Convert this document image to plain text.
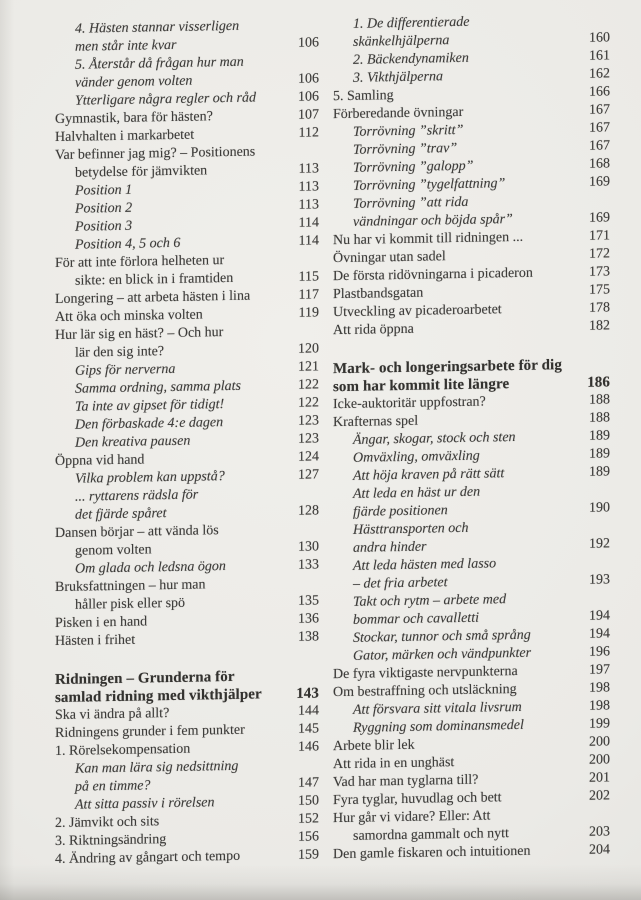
4. Hästen stannar visserligen
men står inte kvar	106
5. Återstår då frågan hur man
vänder genom volten	106
Ytterligare några regler och råd	106
Gymnastik, bara för hästen?	107
Halvhalten i markarbetet	112
Var befinner jag mig? – Positionens
betydelse för jämvikten	113
Position 1	113
Position 2	113
Position 3	114
Position 4, 5 och 6	114
För att inte förlora helheten ur
sikte: en blick in i framtiden	115
Longering – att arbeta hästen i lina	117
Att öka och minska volten	119
Hur lär sig en häst? – Och hur
lär den sig inte?	120
Gips för nerverna	121
Samma ordning, samma plats	122
Ta inte av gipset för tidigt!	122
Den förbaskade 4:e dagen	123
Den kreativa pausen	123
Öppna vid hand	124
Vilka problem kan uppstå?	127
... ryttarens rädsla för
det fjärde spåret	128
Dansen börjar – att vända lös
genom volten	130
Om glada och ledsna ögon	133
Bruksfattningen – hur man
håller pisk eller spö	135
Pisken i en hand	136
Hästen i frihet	138
Ridningen – Grunderna för
samlad ridning med vikthjälper	143
Ska vi ändra på allt?	144
Ridningens grunder i fem punkter	145
1. Rörelsekompensation	146
Kan man lära sig nedsittning
på en timme?	147
Att sitta passiv i rörelsen	150
2. Jämvikt och sits	152
3. Riktningsändring	156
4. Ändring av gångart och tempo	159
1. De differentierade
skänkelhjälperna	160
2. Bäckendynamiken	161
3. Vikthjälperna	162
5. Samling	166
Förberedande övningar	167
Torrövning ”skritt”	167
Torrövning ”trav”	167
Torrövning ”galopp”	168
Torrövning ”tygelfattning”	169
Torrövning ”att rida
vändningar och böjda spår”	169
Nu har vi kommit till ridningen ...	171
Övningar utan sadel	172
De första ridövningarna i picaderon	173
Plastbandsgatan	175
Utveckling av picaderoarbetet	178
Att rida öppna	182
Mark- och longeringsarbete för dig
som har kommit lite längre	186
Icke-auktoritär uppfostran?	188
Krafternas spel	188
Ängar, skogar, stock och sten	189
Omväxling, omväxling	189
Att höja kraven på rätt sätt	189
Att leda en häst ur den
fjärde positionen	190
Hästtransporten och
andra hinder	192
Att leda hästen med lasso
– det fria arbetet	193
Takt och rytm – arbete med
bommar och cavalletti	194
Stockar, tunnor och små språng	194
Gator, märken och vändpunkter	196
De fyra viktigaste nervpunkterna	197
Om bestraffning och utsläckning	198
Att försvara sitt vitala livsrum	198
Ryggning som dominansmedel	199
Arbete blir lek	200
Att rida in en unghäst	200
Vad har man tyglarna till?	201
Fyra tyglar, huvudlag och bett	202
Hur går vi vidare? Eller: Att
samordna gammalt och nytt	203
Den gamle fiskaren och intuitionen	204
